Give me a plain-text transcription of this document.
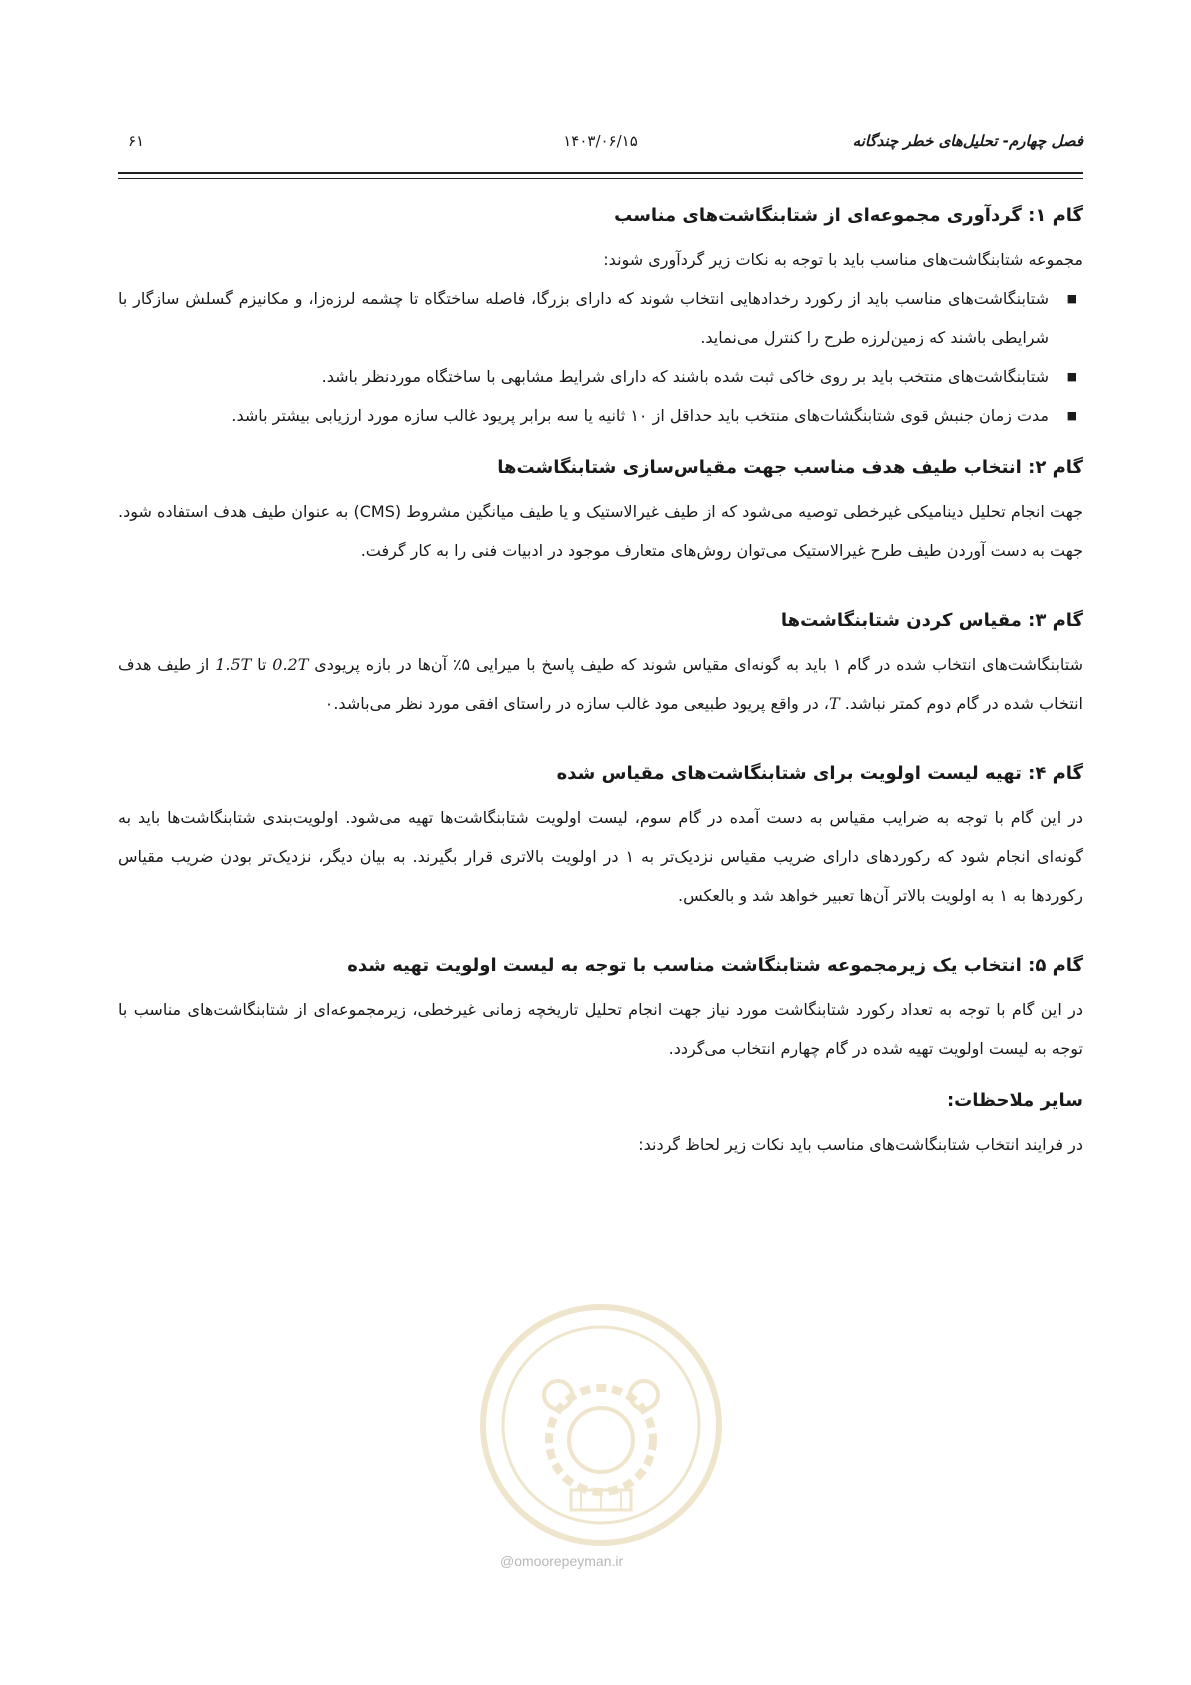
فصل چهارم- تحلیل‌های خطر چندگانه
۱۴۰۳/۰۶/۱۵
۶۱
گام ۱: گردآوری مجموعه‌ای از شتابنگاشت‌های مناسب

مجموعه شتابنگاشت‌های مناسب باید با توجه به نکات زیر گردآوری شوند:

■
شتابنگاشت‌های مناسب باید از رکورد رخدادهایی انتخاب شوند که دارای بزرگا، فاصله ساختگاه تا چشمه لرزه‌زا، و مکانیزم گسلش سازگار با شرایطی باشند که زمین‌لرزه طرح را کنترل می‌نماید.
■
شتابنگاشت‌های منتخب باید بر روی خاکی ثبت شده باشند که دارای شرایط مشابهی با ساختگاه موردنظر باشد.
■
مدت زمان جنبش قوی شتابنگشات‌های منتخب باید حداقل از ۱۰ ثانیه یا سه برابر پریود غالب سازه مورد ارزیابی بیشتر باشد.
گام ۲: انتخاب طیف هدف مناسب جهت مقیاس‌سازی شتابنگاشت‌ها

جهت انجام تحلیل دینامیکی غیرخطی توصیه می‌شود که از طیف غیرالاستیک و یا طیف میانگین مشروط (CMS) به عنوان طیف هدف استفاده شود. جهت به دست آوردن طیف طرح غیرالاستیک می‌توان روش‌های متعارف موجود در ادبیات فنی را به کار گرفت.

گام ۳: مقیاس کردن شتابنگاشت‌ها

شتابنگاشت‌های انتخاب شده در گام ۱ باید به گونه‌ای مقیاس شوند که طیف پاسخ با میرایی ۵٪ آن‌ها در بازه پریودی 0.2T تا 1.5T از طیف هدف انتخاب شده در گام دوم کمتر نباشد. T، در واقع پریود طبیعی مود غالب سازه در راستای افقی مورد نظر می‌باشد.۰

گام ۴: تهیه لیست اولویت برای شتابنگاشت‌های مقیاس شده

در این گام با توجه به ضرایب مقیاس به دست آمده در گام سوم، لیست اولویت شتابنگاشت‌ها تهیه می‌شود. اولویت‌بندی شتابنگاشت‌ها باید به گونه‌ای انجام شود که رکوردهای دارای ضریب مقیاس نزدیک‌تر به ۱ در اولویت بالاتری قرار بگیرند. به بیان دیگر، نزدیک‌تر بودن ضریب مقیاس رکوردها به ۱ به اولویت بالاتر آن‌ها تعبیر خواهد شد و بالعکس.

گام ۵: انتخاب یک زیرمجموعه شتابنگاشت مناسب با توجه به لیست اولویت تهیه شده

در این گام با توجه به تعداد رکورد شتابنگاشت مورد نیاز جهت انجام تحلیل تاریخچه زمانی غیرخطی، زیرمجموعه‌ای از شتابنگاشت‌های مناسب با توجه به لیست اولویت تهیه شده در گام چهارم انتخاب می‌گردد.

سایر ملاحظات:

در فرایند انتخاب شتابنگاشت‌های مناسب باید نکات زیر لحاظ گردند:

@omoorepeyman.ir
